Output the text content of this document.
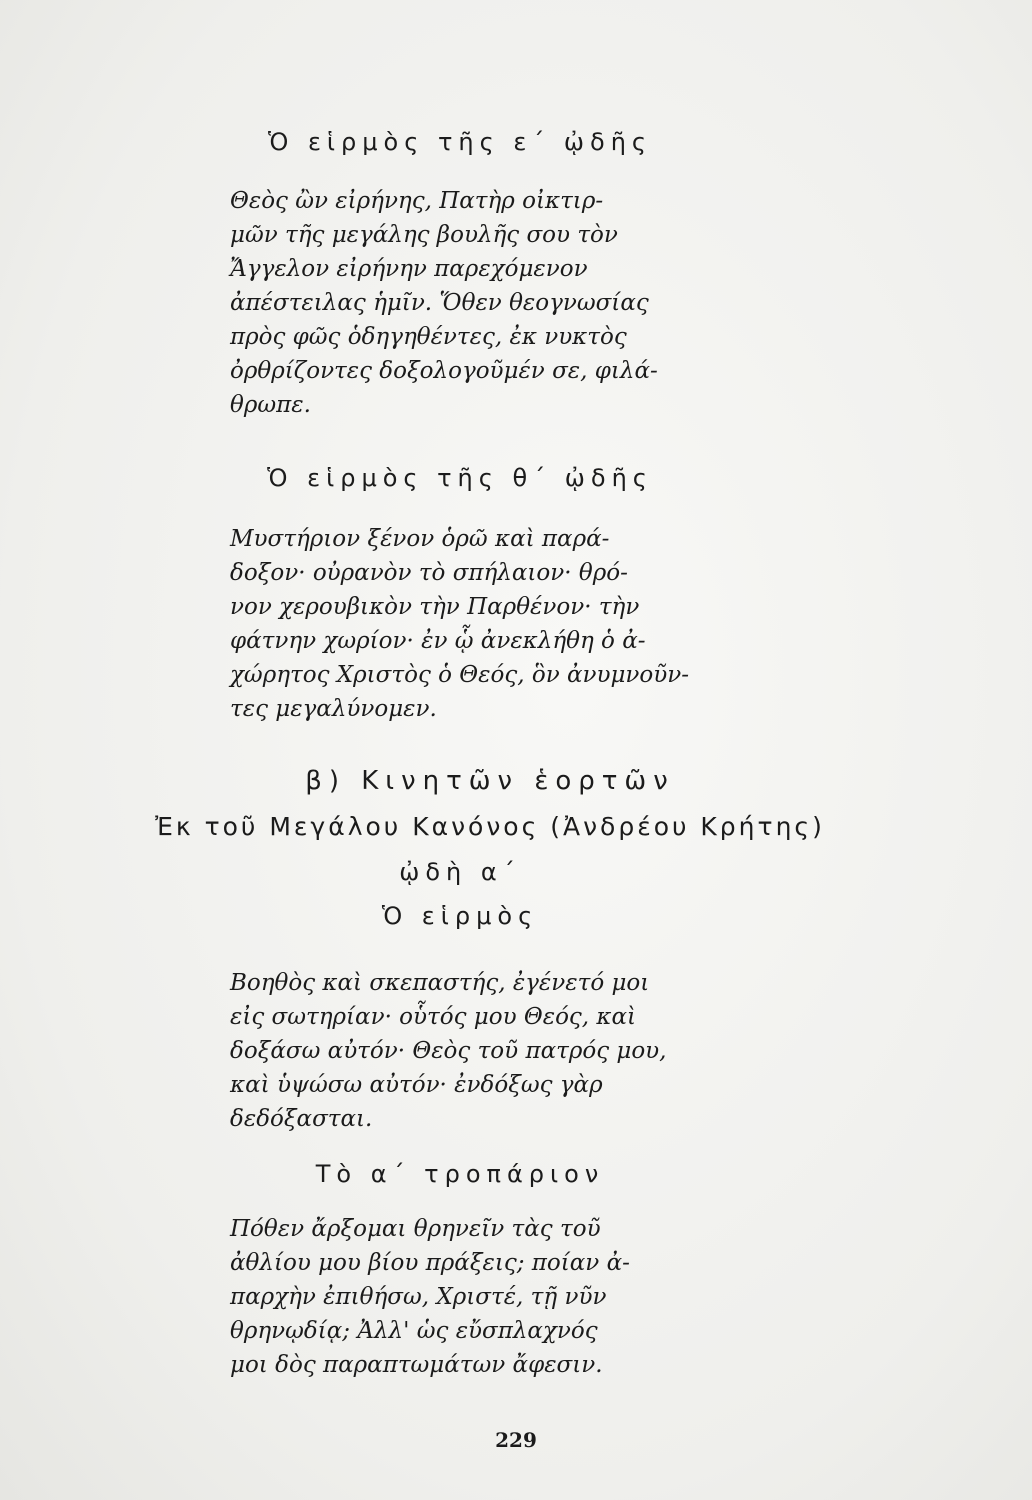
Ὁ εἱρμὸς τῆς ε΄ ᾠδῆς
Θεὸς ὢν εἰρήνης, Πατὴρ οἰκτιρ-
μῶν τῆς μεγάλης βουλῆς σου τὸν
Ἄγγελον εἰρήνην παρεχόμενον
ἀπέστειλας ἡμῖν. Ὅθεν θεογνωσίας
πρὸς φῶς ὁδηγηθέντες, ἐκ νυκτὸς
ὀρθρίζοντες δοξολογοῦμέν σε, φιλά-
θρωπε.
Ὁ εἱρμὸς τῆς θ΄ ᾠδῆς
Μυστήριον ξένον ὁρῶ καὶ παρά-
δοξον· οὐρανὸν τὸ σπήλαιον· θρό-
νον χερουβικὸν τὴν Παρθένον· τὴν
φάτνην χωρίον· ἐν ᾧ ἀνεκλήθη ὁ ἀ-
χώρητος Χριστὸς ὁ Θεός, ὃν ἀνυμνοῦν-
τες μεγαλύνομεν.
β) Κινητῶν ἑορτῶν
Ἐκ τοῦ Μεγάλου Κανόνος (Ἀνδρέου Κρήτης)
ᾠδὴ α΄
Ὁ εἱρμὸς
Βοηθὸς καὶ σκεπαστής, ἐγένετό μοι
εἰς σωτηρίαν· οὗτός μου Θεός, καὶ
δοξάσω αὐτόν· Θεὸς τοῦ πατρός μου,
καὶ ὑψώσω αὐτόν· ἐνδόξως γὰρ
δεδόξασται.
Τὸ α΄ τροπάριον
Πόθεν ἄρξομαι θρηνεῖν τὰς τοῦ
ἀθλίου μου βίου πράξεις; ποίαν ἀ-
παρχὴν ἐπιθήσω, Χριστέ, τῇ νῦν
θρηνῳδίᾳ; Ἀλλ' ὡς εὔσπλαχνός
μοι δὸς παραπτωμάτων ἄφεσιν.
229
